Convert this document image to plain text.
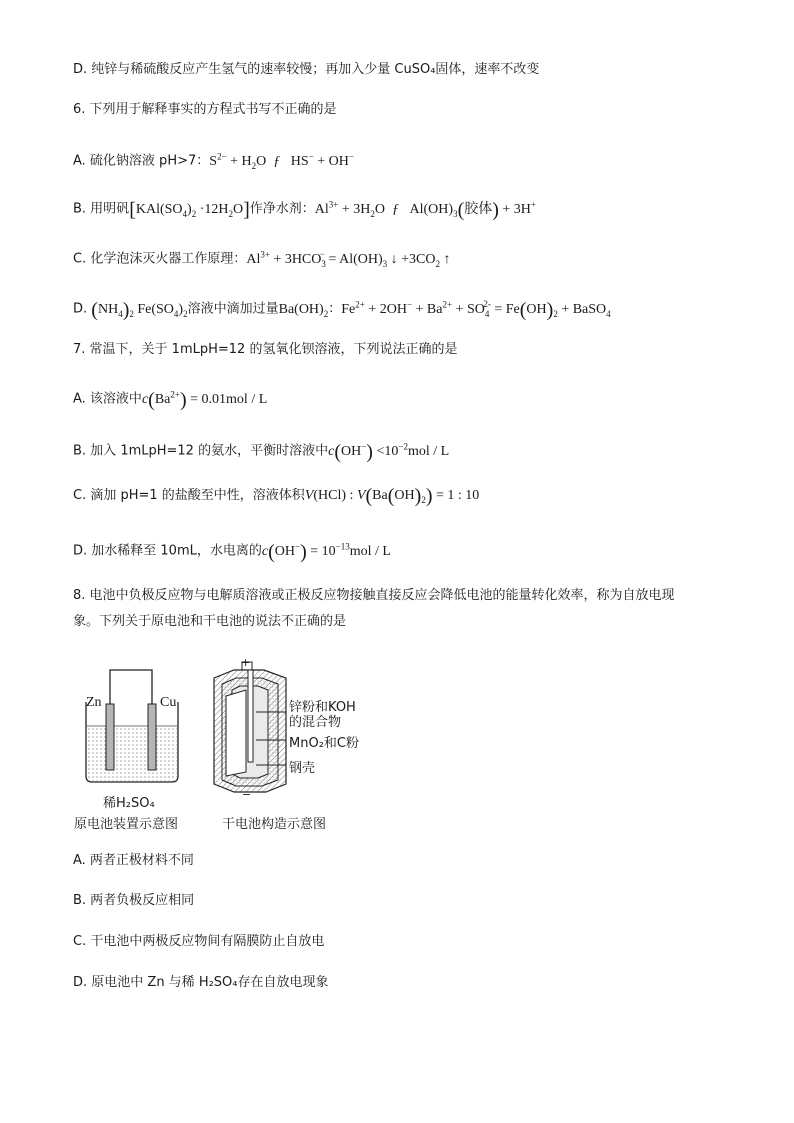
D. 纯锌与稀硫酸反应产生氢气的速率较慢；再加入少量 CuSO₄固体，速率不改变
6. 下列用于解释事实的方程式书写不正确的是
A. 硫化钠溶液 pH>7：$S^{2-} + H_2O$  ƒ   HS− + OH−
B. 用明矾$[KAl(SO_4)_2 \cdot 12H_2O]$作净水剂：$Al^{3+} + 3H_2O$  ƒ   $Al(OH)_3$(胶体) + 3H+
C. 化学泡沫灭火器工作原理：$Al^{3+} + 3HCO_3^- = Al(OH)_3$ ↓ $+3CO_2$ ↑
D. $(NH_4)_2$ $Fe(SO_4)_2$溶液中滴加过量$Ba(OH)_2$：$Fe^{2+} + 2OH^- + Ba^{2+} + SO_4^{2-} = Fe(OH)_2$ + BaSO$_4$
7. 常温下，关于 1mLpH=12 的氢氧化钡溶液，下列说法正确的是
A. 该溶液中$c(Ba^{2+}) = 0.01mol / L$
B. 加入 1mLpH=12 的氨水，平衡时溶液中$c(OH^-) <10^{-2}mol / L$
C. 滴加 pH=1 的盐酸至中性，溶液体积V(HCl) : $V(Ba(OH)_2) = 1$ : 10
D. 加水稀释至 10mL，水电离的$c(OH^-) = 10^{-13}mol / L$
8. 电池中负极反应物与电解质溶液或正极反应物接触直接反应会降低电池的能量转化效率，称为自放电现
象。下列关于原电池和干电池的说法不正确的是
Zn	Cu
稀H₂SO₄
原电池装置示意图
+
−
锌粉和KOH
的混合物
MnO₂和C粉
钢壳
干电池构造示意图
A. 两者正极材料不同
B. 两者负极反应相同
C. 干电池中两极反应物间有隔膜防止自放电
D. 原电池中 Zn 与稀 H₂SO₄存在自放电现象
